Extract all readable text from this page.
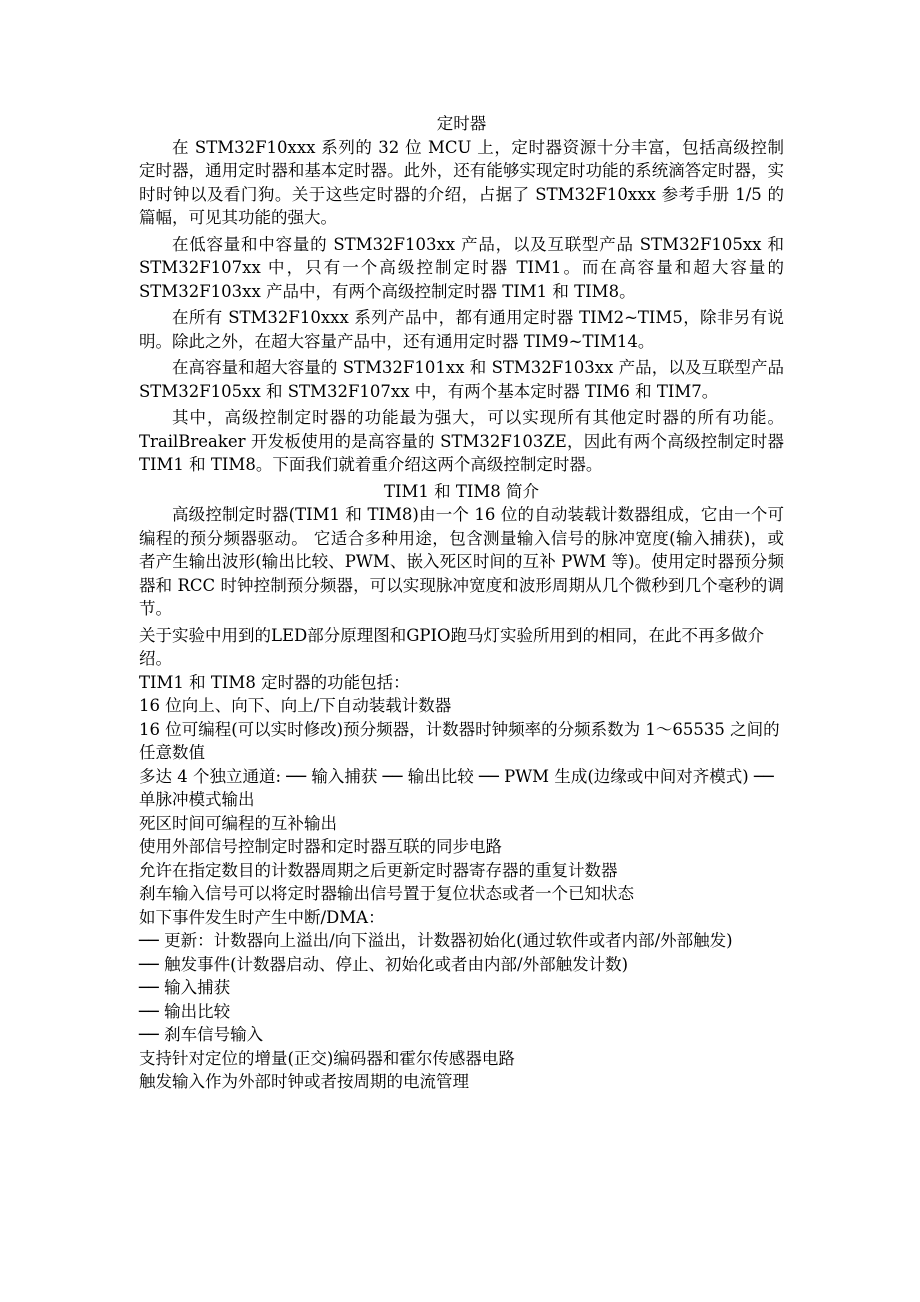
定时器

在 STM32F10xxx 系列的 32 位 MCU 上，定时器资源十分丰富，包括高级控制定时器，通用定时器和基本定时器。此外，还有能够实现定时功能的系统滴答定时器，实时时钟以及看门狗。关于这些定时器的介绍，占据了 STM32F10xxx 参考手册 1/5 的篇幅，可见其功能的强大。

在低容量和中容量的 STM32F103xx 产品，以及互联型产品 STM32F105xx 和 STM32F107xx 中，只有一个高级控制定时器 TIM1。而在高容量和超大容量的 STM32F103xx 产品中，有两个高级控制定时器 TIM1 和 TIM8。

在所有 STM32F10xxx 系列产品中，都有通用定时器 TIM2~TIM5，除非另有说明。除此之外，在超大容量产品中，还有通用定时器 TIM9~TIM14。

在高容量和超大容量的 STM32F101xx 和 STM32F103xx 产品，以及互联型产品 STM32F105xx 和 STM32F107xx 中，有两个基本定时器 TIM6 和 TIM7。

其中，高级控制定时器的功能最为强大，可以实现所有其他定时器的所有功能。TrailBreaker 开发板使用的是高容量的 STM32F103ZE，因此有两个高级控制定时器 TIM1 和 TIM8。下面我们就着重介绍这两个高级控制定时器。

TIM1 和 TIM8 简介

高级控制定时器(TIM1 和 TIM8)由一个 16 位的自动装载计数器组成，它由一个可编程的预分频器驱动。 它适合多种用途，包含测量输入信号的脉冲宽度(输入捕获)，或者产生输出波形(输出比较、PWM、嵌入死区时间的互补 PWM 等)。使用定时器预分频器和 RCC 时钟控制预分频器，可以实现脉冲宽度和波形周期从几个微秒到几个毫秒的调节。

关于实验中用到的LED部分原理图和GPIO跑马灯实验所用到的相同，在此不再多做介绍。

TIM1 和 TIM8 定时器的功能包括：

16 位向上、向下、向上/下自动装载计数器

16 位可编程(可以实时修改)预分频器，计数器时钟频率的分频系数为 1～65535 之间的任意数值

多达 4 个独立通道: ── 输入捕获 ── 输出比较 ── PWM 生成(边缘或中间对齐模式) ── 单脉冲模式输出

死区时间可编程的互补输出

使用外部信号控制定时器和定时器互联的同步电路

允许在指定数目的计数器周期之后更新定时器寄存器的重复计数器

刹车输入信号可以将定时器输出信号置于复位状态或者一个已知状态

如下事件发生时产生中断/DMA：

── 更新：计数器向上溢出/向下溢出，计数器初始化(通过软件或者内部/外部触发)

── 触发事件(计数器启动、停止、初始化或者由内部/外部触发计数)

── 输入捕获

── 输出比较

── 刹车信号输入

支持针对定位的增量(正交)编码器和霍尔传感器电路

触发输入作为外部时钟或者按周期的电流管理
